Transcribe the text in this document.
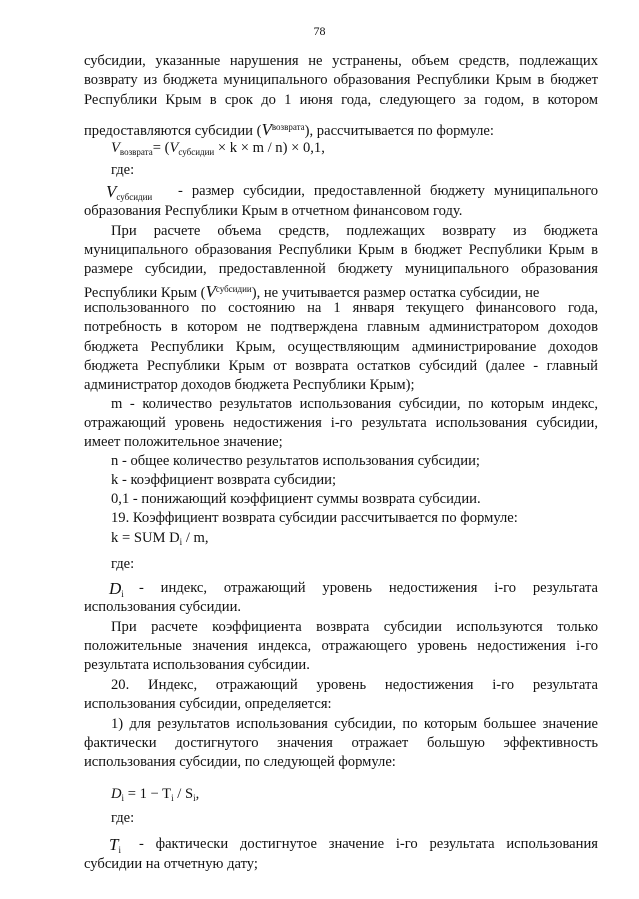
78
субсидии, указанные нарушения не устранены, объем средств, подлежащих
возврату из бюджета муниципального образования Республики Крым в бюджет
Республики Крым в срок до 1 июня года, следующего за годом, в котором
предоставляются субсидии $(V^{возврата})$, рассчитывается по формуле:
$V_{возврата}= (V_{субсидии} \times k \times m / n) \times 0,1$,
где:
$V_{субсидии}$ - размер субсидии, предоставленной бюджету муниципального
образования Республики Крым в отчетном финансовом году.
При расчете объема средств, подлежащих возврату из бюджета
муниципального образования Республики Крым в бюджет Республики Крым в
размере субсидии, предоставленной бюджету муниципального образования
Республики Крым $(V^{субсидии})$, не учитывается размер остатка субсидии, не
использованного по состоянию на 1 января текущего финансового года,
потребность в котором не подтверждена главным администратором доходов
бюджета Республики Крым, осуществляющим администрирование доходов
бюджета Республики Крым от возврата остатков субсидий (далее - главный
администратор доходов бюджета Республики Крым);
m - количество результатов использования субсидии, по которым индекс,
отражающий уровень недостижения i-го результата использования субсидии,
имеет положительное значение;
n - общее количество результатов использования субсидии;
k - коэффициент возврата субсидии;
0,1 - понижающий коэффициент суммы возврата субсидии.
19. Коэффициент возврата субсидии рассчитывается по формуле:
k = SUM $D_i$ / m,
где:
$D_i$ - индекс, отражающий уровень недостижения i-го результата
использования субсидии.
При расчете коэффициента возврата субсидии используются только
положительные значения индекса, отражающего уровень недостижения i-го
результата использования субсидии.
20. Индекс, отражающий уровень недостижения i-го результата
использования субсидии, определяется:
1) для результатов использования субсидии, по которым большее значение
фактически достигнутого значения отражает большую эффективность
использования субсидии, по следующей формуле:
$D_i = 1 - T_i / S_i$,
где:
$T_i$ - фактически достигнутое значение i-го результата использования
субсидии на отчетную дату;
